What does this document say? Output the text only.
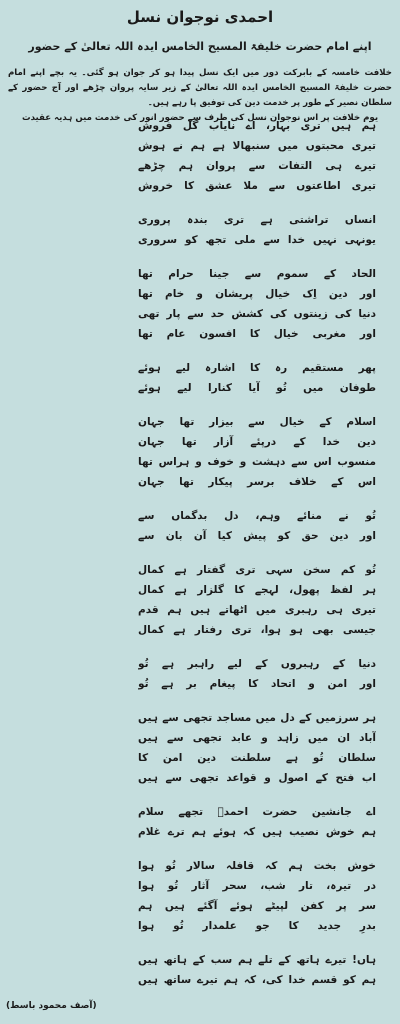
احمدی نوجوان نسل
اپنے امام حضرت خلیفۃ المسیح الخامس ایدہ اللہ تعالیٰ کے حضور
خلافت خامسہ کے بابرکت دور میں ایک نسل پیدا ہو کر جوان ہو گئی۔ یہ بچے اپنے امام حضرت خلیفۃ المسیح الخامس ایدہ اللہ تعالیٰ کے زیر سایہ پروان چڑھے اور آج حضور کے سلطان نصیر کے طور پر خدمت دین کی توفیق پا رہے ہیں۔
یوم خلافت پر اس نوجوان نسل کی طرف سے حضور انور کی خدمت میں ہدیہ عقیدت
ہم ہیں تری بہار، اے نایاب گل فروش
تیری محبتوں میں سنبھالا ہے ہم نے ہوش
تیرے ہی التفات سے پروان ہم چڑھے
تیری اطاعتوں سے ملا عشق کا خروش
انساں تراشتی ہے تری بندہ پروری
یونہی نہیں خدا سے ملی تجھ کو سروری
الحاد کے سموم سے جینا حرام تھا
اور دین اِک خیال پریشان و خام تھا
دنیا کی زینتوں کی کشش حد سے پار تھی
اور مغربی خیال کا افسون عام تھا
پھر مستقیم رہ کا اشارہ لیے ہوئے
طوفان میں تُو آیا کنارا لیے ہوئے
اسلام کے خیال سے بیزار تھا جہان
دین خدا کے درپئے آزار تھا جہان
منسوب اس سے دہشت و خوف و ہراس تھا
اس کے خلاف برسر پیکار تھا جہان
تُو نے منائے وہم، دل بدگماں سے
اور دین حق کو پیش کیا آن بان سے
تُو کم سخن سہی تری گفتار ہے کمال
ہر لفظ پھول، لہجے کا گلزار ہے کمال
تیری ہی رہبری میں اٹھاتے ہیں ہم قدم
جیسی بھی ہو ہوا، تری رفتار ہے کمال
دنیا کے رہبروں کے لیے راہبر ہے تُو
اور امن و اتحاد کا پیغام بر ہے تُو
ہر سرزمیں کے دل میں مساجد تجھی سے ہیں
آباد ان میں زاہد و عابد تجھی سے ہیں
سلطان تُو ہے سلطنت دین امن کا
اب فتح کے اصول و قواعد تجھی سے ہیں
اے جانشین حضرت احمدؑ تجھے سلام
ہم خوش نصیب ہیں کہ ہوئے ہم ترے غلام
خوش بخت ہم کہ قافلہ سالار تُو ہوا
در تیرہ، تار شب، سحر آثار تُو ہوا
سر پر کفن لپیٹے ہوئے آگئے ہیں ہم
بدرِ جدید کا جو علمدار تُو ہوا
ہاں! تیرے ہاتھ کے تلے ہم سب کے ہاتھ ہیں
ہم کو قسم خدا کی، کہ ہم تیرے ساتھ ہیں
(آصف محمود باسط)
